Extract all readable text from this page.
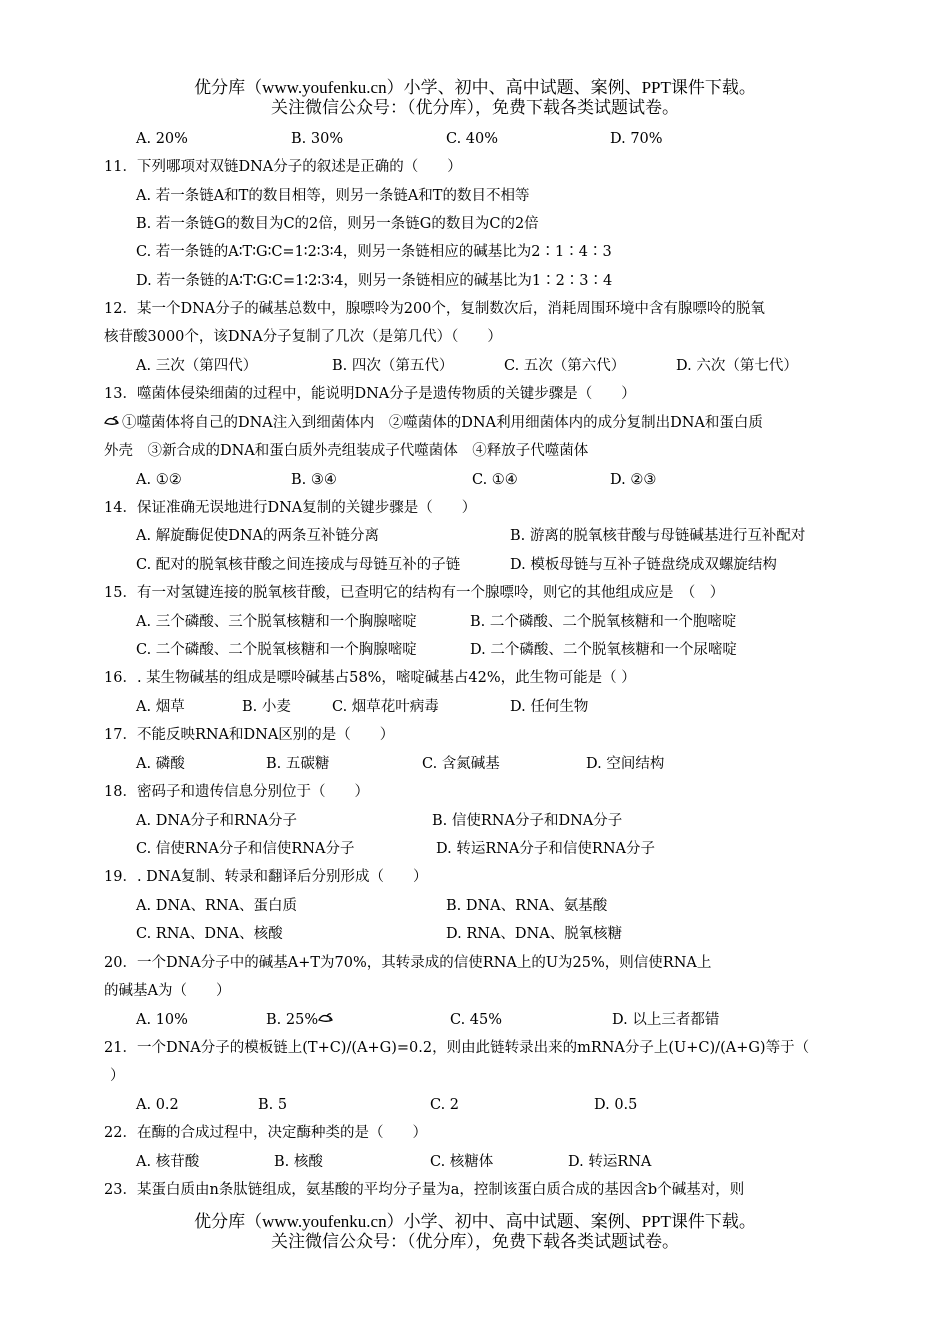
优分库（www.youfenku.cn）小学、初中、高中试题、案例、PPT课件下载。
关注微信公众号：（优分库），免费下载各类试题试卷。
A. 20%	B. 30%	C. 40%	D. 70%
11．下列哪项对双链DNA分子的叙述是正确的（　　）
A. 若一条链A和T的数目相等，则另一条链A和T的数目不相等
B. 若一条链G的数目为C的2倍，则另一条链G的数目为C的2倍
C. 若一条链的A∶T∶G∶C=1∶2∶3∶4，则另一条链相应的碱基比为2∶1∶4∶3
D. 若一条链的A∶T∶G∶C=1∶2∶3∶4，则另一条链相应的碱基比为1∶2∶3∶4
12．某一个DNA分子的碱基总数中，腺嘌呤为200个，复制数次后，消耗周围环境中含有腺嘌呤的脱氧
核苷酸3000个，该DNA分子复制了几次（是第几代）（　　）
A. 三次（第四代）	B. 四次（第五代）	C. 五次（第六代）	D. 六次（第七代）
13．噬菌体侵染细菌的过程中，能说明DNA分子是遗传物质的关键步骤是（　　）
①噬菌体将自己的DNA注入到细菌体内　②噬菌体的DNA利用细菌体内的成分复制出DNA和蛋白质
外壳　③新合成的DNA和蛋白质外壳组装成子代噬菌体　④释放子代噬菌体
A. ①②	B. ③④	C. ①④	D. ②③
14．保证准确无误地进行DNA复制的关键步骤是（　　）
A. 解旋酶促使DNA的两条互补链分离	B. 游离的脱氧核苷酸与母链碱基进行互补配对
C. 配对的脱氧核苷酸之间连接成与母链互补的子链	D. 模板母链与互补子链盘绕成双螺旋结构
15．有一对氢键连接的脱氧核苷酸，已查明它的结构有一个腺嘌呤，则它的其他组成应是　（　）
A. 三个磷酸、三个脱氧核糖和一个胸腺嘧啶	B. 二个磷酸、二个脱氧核糖和一个胞嘧啶
C. 二个磷酸、二个脱氧核糖和一个胸腺嘧啶	D. 二个磷酸、二个脱氧核糖和一个尿嘧啶
16．. 某生物碱基的组成是嘌呤碱基占58%，嘧啶碱基占42%，此生物可能是（ ）
A. 烟草	B. 小麦	C. 烟草花叶病毒	D. 任何生物
17．不能反映RNA和DNA区别的是（　　）
A. 磷酸	B. 五碳糖	C. 含氮碱基	D. 空间结构
18．密码子和遗传信息分别位于（　　）
A. DNA分子和RNA分子	B. 信使RNA分子和DNA分子
C. 信使RNA分子和信使RNA分子	D. 转运RNA分子和信使RNA分子
19．. DNA复制、转录和翻译后分别形成（　　）
A. DNA、RNA、蛋白质	B. DNA、RNA、氨基酸
C. RNA、DNA、核酸	D. RNA、DNA、脱氧核糖
20．一个DNA分子中的碱基A+T为70%，其转录成的信使RNA上的U为25%，则信使RNA上
的碱基A为（　　）
A. 10%	B. 25%	C. 45%	D. 以上三者都错
21．一个DNA分子的模板链上(T+C)/(A+G)=0.2，则由此链转录出来的mRNA分子上(U+C)/(A+G)等于（
）
A. 0.2	B. 5	C. 2	D. 0.5
22．在酶的合成过程中，决定酶种类的是（　　）
A. 核苷酸	B. 核酸	C. 核糖体	D. 转运RNA
23．某蛋白质由n条肽链组成，氨基酸的平均分子量为a，控制该蛋白质合成的基因含b个碱基对，则
优分库（www.youfenku.cn）小学、初中、高中试题、案例、PPT课件下载。
关注微信公众号：（优分库），免费下载各类试题试卷。
